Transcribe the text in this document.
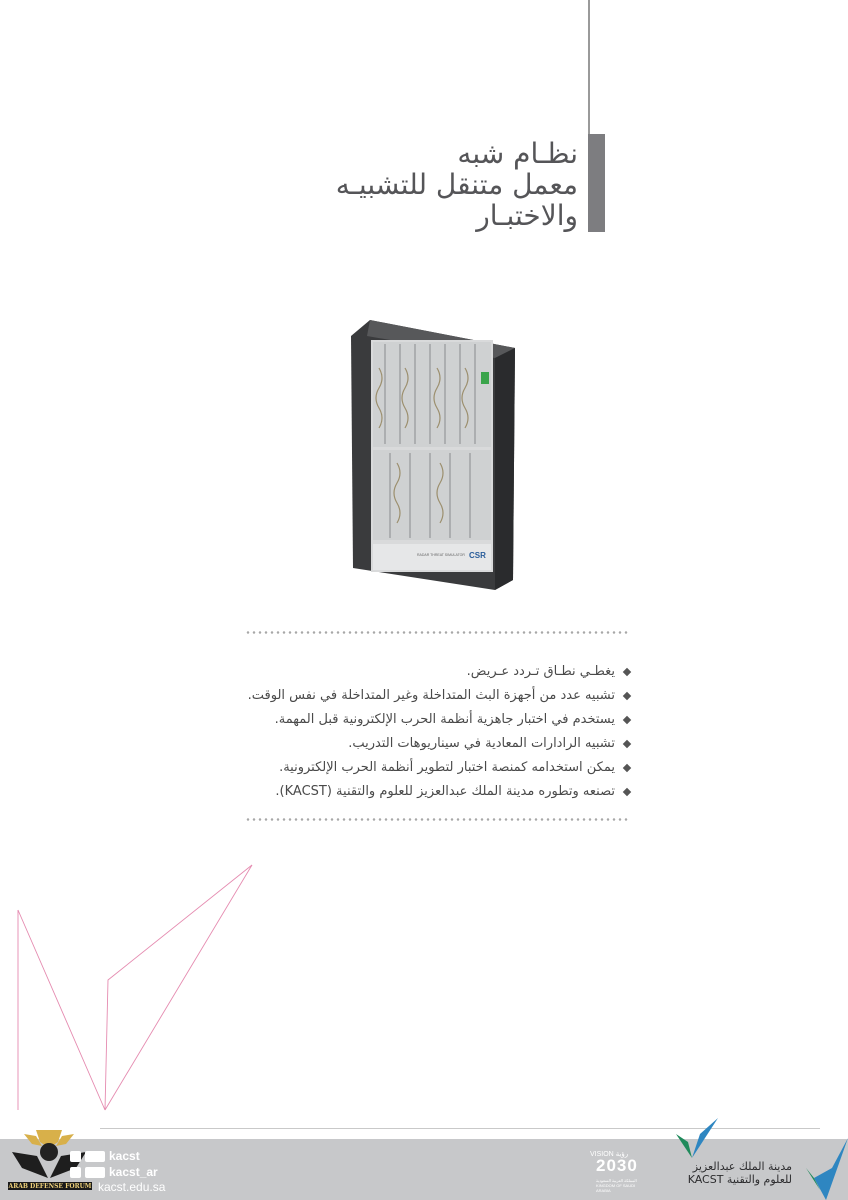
نظـام شبه
معمل متنقل للتشبيـه
والاختبـار
RADAR THREAT SIMULATOR CSR
يغطـي نطـاق تـردد عـريض.
تشبيه عدد من أجهزة البث المتداخلة وغير المتداخلة في نفس الوقت.
يستخدم في اختبار جاهزية أنظمة الحرب الإلكترونية قبل المهمة.
تشبيه الرادارات المعادية في سيناريوهات التدريب.
يمكن استخدامه كمنصة اختبار لتطوير أنظمة الحرب الإلكترونية.
تصنعه وتطوره مدينة الملك عبدالعزيز للعلوم والتقنية (KACST).
ARAB DEFENSE FORUM
kacst
kacst_ar
kacst.edu.sa
VISION رؤية
2030
المملكة العربية السعودية KINGDOM OF SAUDI ARABIA
مدينة الملك عبدالعزيز
للعلوم والتقنية KACST
